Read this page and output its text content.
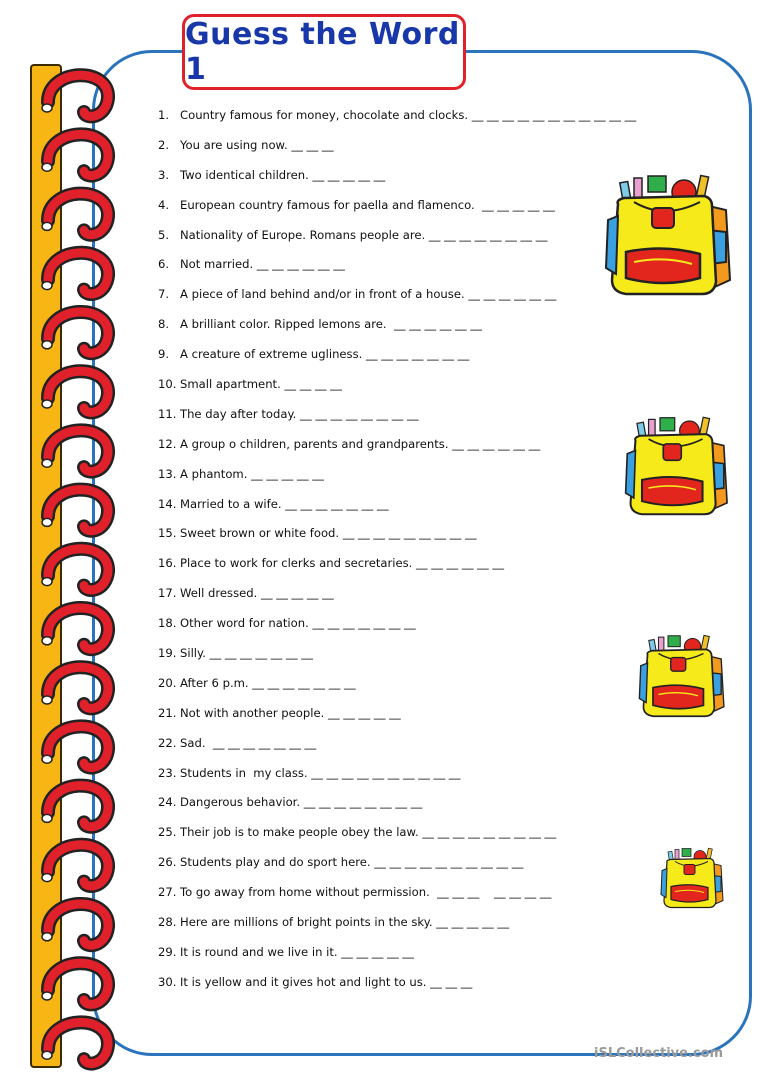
Guess the Word 1
1. Country famous for money, chocolate and clocks. __ __ __ __ __ __ __ __ __ __ __
2. You are using now. __ __ __
3. Two identical children. __ __ __ __ __
4. European country famous for paella and flamenco.  __ __ __ __ __
5. Nationality of Europe. Romans people are. __ __ __ __ __ __ __ __
6. Not married. __ __ __ __ __ __
7. A piece of land behind and/or in front of a house. __ __ __ __ __ __
8. A brilliant color. Ripped lemons are.  __ __ __ __ __ __
9. A creature of extreme ugliness. __ __ __ __ __ __ __
10. Small apartment. __ __ __ __
11. The day after today. __ __ __ __ __ __ __ __
12. A group o children, parents and grandparents. __ __ __ __ __ __
13. A phantom. __ __ __ __ __
14. Married to a wife. __ __ __ __ __ __ __
15. Sweet brown or white food. __ __ __ __ __ __ __ __ __
16. Place to work for clerks and secretaries. __ __ __ __ __ __
17. Well dressed. __ __ __ __ __
18. Other word for nation. __ __ __ __ __ __ __
19. Silly. __ __ __ __ __ __ __
20. After 6 p.m. __ __ __ __ __ __ __
21. Not with another people. __ __ __ __ __
22. Sad.  __ __ __ __ __ __ __
23. Students in  my class. __ __ __ __ __ __ __ __ __ __
24. Dangerous behavior. __ __ __ __ __ __ __ __
25. Their job is to make people obey the law. __ __ __ __ __ __ __ __ __
26. Students play and do sport here. __ __ __ __ __ __ __ __ __ __
27. To go away from home without permission.  __ __ __    __ __ __ __
28. Here are millions of bright points in the sky. __ __ __ __ __
29. It is round and we live in it. __ __ __ __ __
30. It is yellow and it gives hot and light to us. __ __ __
iSLCollective.com
